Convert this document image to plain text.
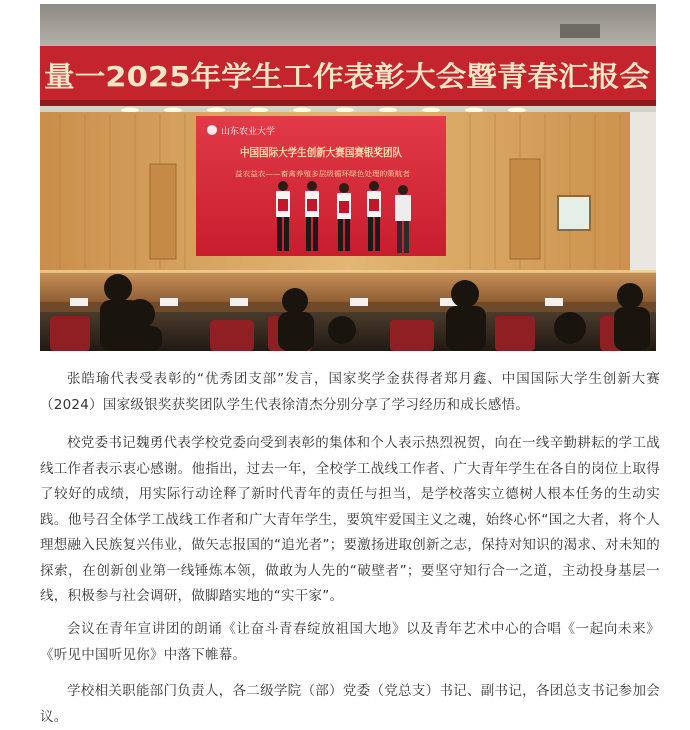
量一2025年学生工作表彰大会暨青春汇报会
山东农业大学
中国国际大学生创新大赛国赛银奖团队
益农益农——畜禽养殖多层级循环绿色处理的策航者

张皓瑜代表受表彰的“优秀团支部”发言，国家奖学金获得者郑月鑫、中国国际大学生创新大赛（2024）国家级银奖获奖团队学生代表徐清杰分别分享了学习经历和成长感悟。

校党委书记魏勇代表学校党委向受到表彰的集体和个人表示热烈祝贺，向在一线辛勤耕耘的学工战线工作者表示衷心感谢。他指出，过去一年，全校学工战线工作者、广大青年学生在各自的岗位上取得了较好的成绩，用实际行动诠释了新时代青年的责任与担当，是学校落实立德树人根本任务的生动实践。他号召全体学工战线工作者和广大青年学生，要筑牢爱国主义之魂，始终心怀“国之大者，将个人理想融入民族复兴伟业，做矢志报国的“追光者”；要激扬进取创新之志，保持对知识的渴求、对未知的探索，在创新创业第一线锤炼本领，做敢为人先的“破壁者”；要坚守知行合一之道，主动投身基层一线，积极参与社会调研，做脚踏实地的“实干家”。

会议在青年宣讲团的朗诵《让奋斗青春绽放祖国大地》以及青年艺术中心的合唱《一起向未来》《听见中国听见你》中落下帷幕。

学校相关职能部门负责人，各二级学院（部）党委（党总支）书记、副书记，各团总支书记参加会议。
